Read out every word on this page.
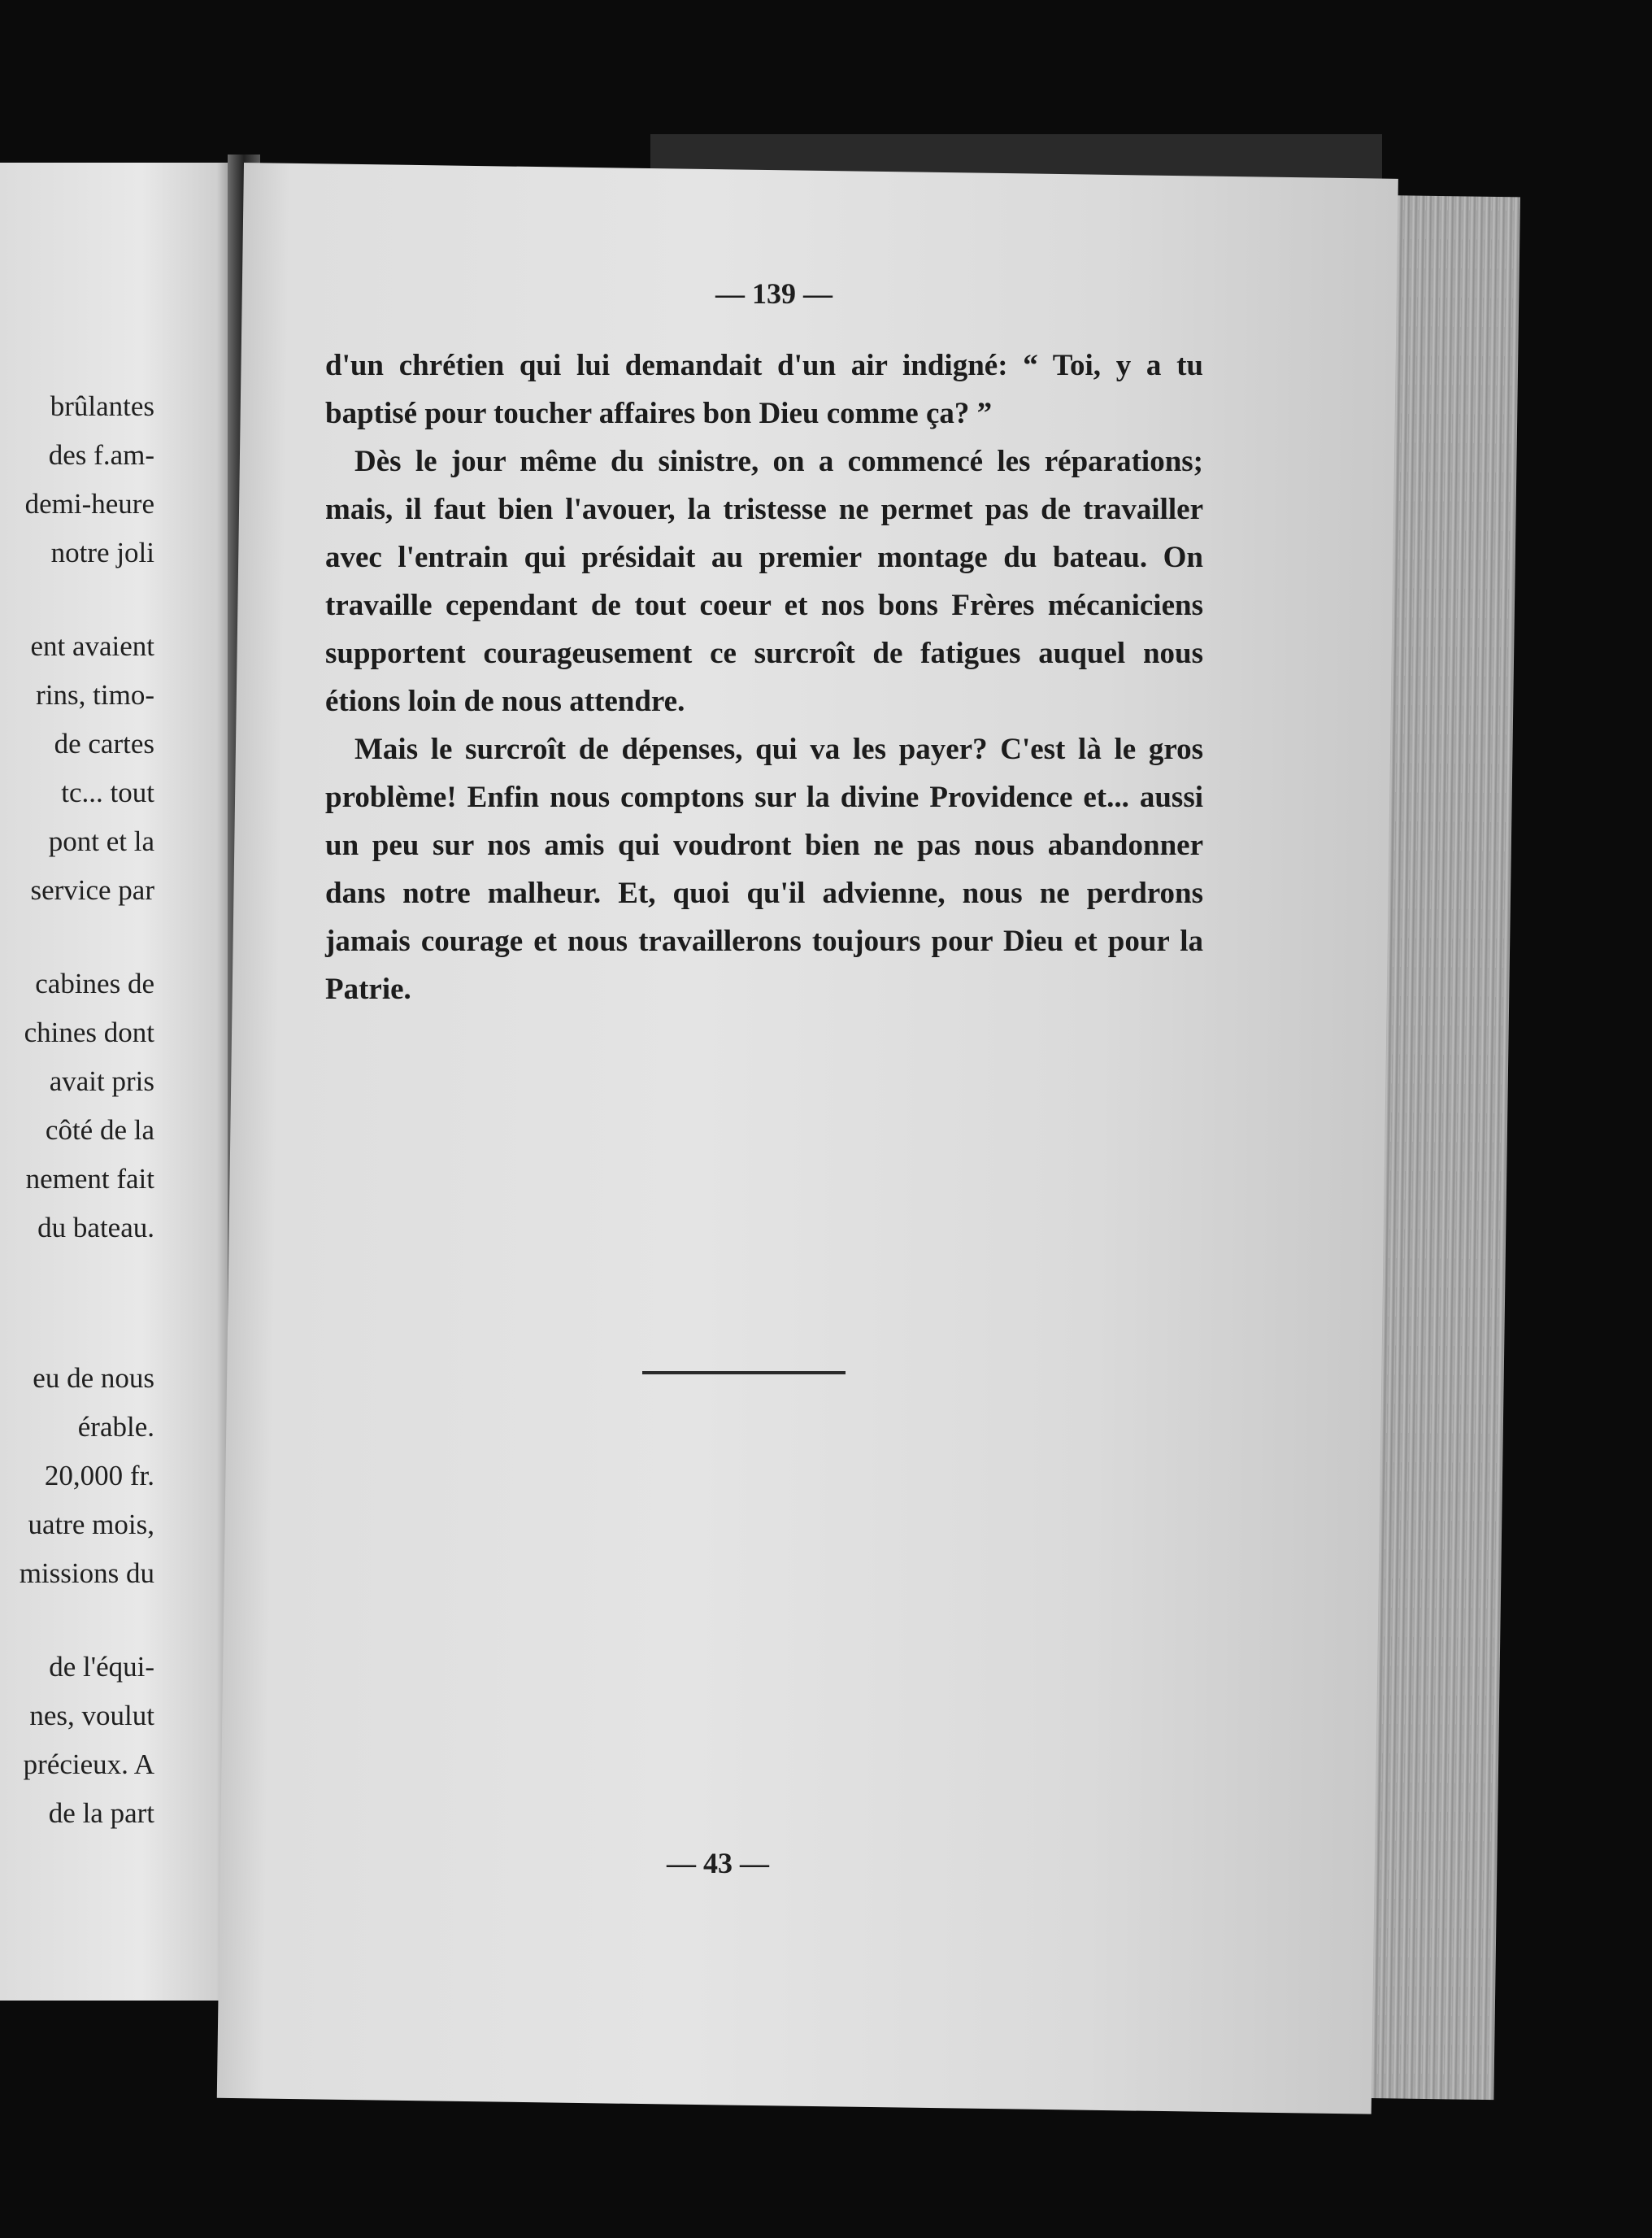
brûlantes

des f.am-

demi-heure

notre joli

ent avaient

rins, timo-

de cartes

tc... tout

pont et la

service par

cabines de

chines dont

avait pris

côté de la

nement fait

du bateau.

eu de nous

érable.

20,000 fr.

uatre mois,

missions du

de l'équi-

nes, voulut

précieux. A

de la part

— 139 —

d'un chrétien qui lui demandait d'un air indigné: “ Toi, y a tu baptisé pour toucher affaires bon Dieu comme ça? ”

Dès le jour même du sinistre, on a commencé les réparations; mais, il faut bien l'avouer, la tristesse ne permet pas de travailler avec l'entrain qui présidait au premier montage du bateau. On travaille cependant de tout coeur et nos bons Frères mécaniciens supportent courageusement ce surcroît de fatigues auquel nous étions loin de nous attendre.

Mais le surcroît de dépenses, qui va les payer? C'est là le gros problème! Enfin nous comptons sur la divine Providence et... aussi un peu sur nos amis qui voudront bien ne pas nous abandonner dans notre malheur. Et, quoi qu'il advienne, nous ne perdrons jamais courage et nous travaillerons toujours pour Dieu et pour la Patrie.

— 43 —
